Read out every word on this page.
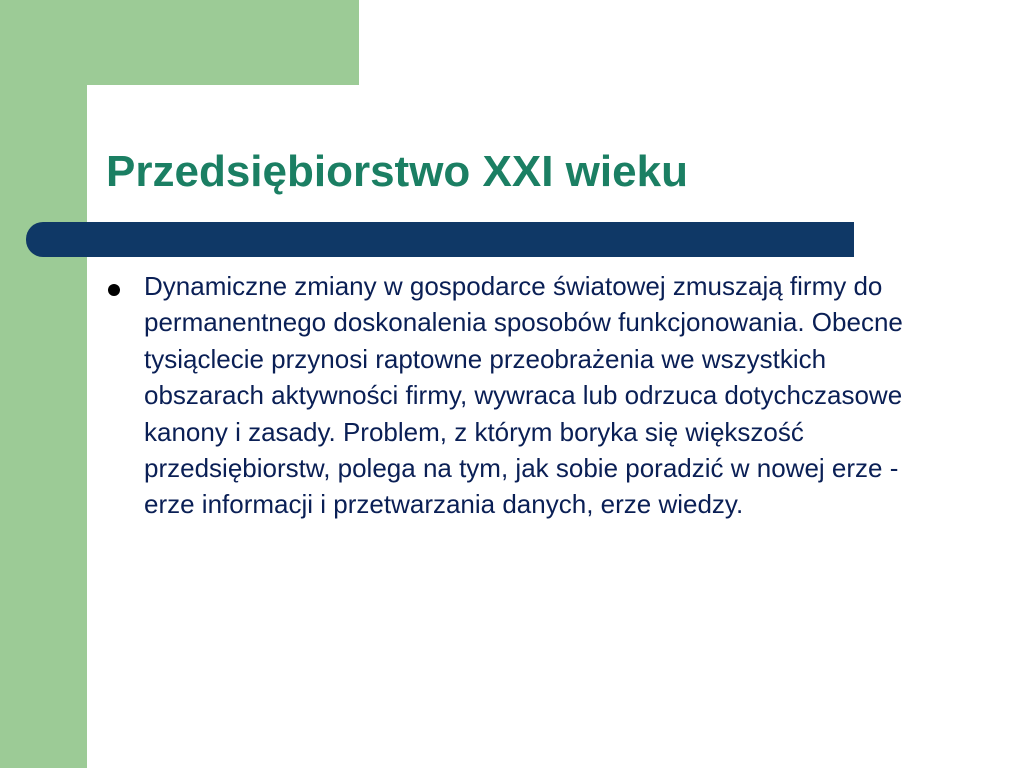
Przedsiębiorstwo XXI wieku

Dynamiczne zmiany w gospodarce światowej zmuszają firmy do permanentnego doskonalenia sposobów funkcjonowania. Obecne tysiąclecie przynosi raptowne przeobrażenia we wszystkich obszarach aktywności firmy, wywraca lub odrzuca dotychczasowe kanony i zasady. Problem, z którym boryka się większość przedsiębiorstw, polega na tym, jak sobie poradzić w nowej erze - erze informacji i przetwarzania danych, erze wiedzy.
